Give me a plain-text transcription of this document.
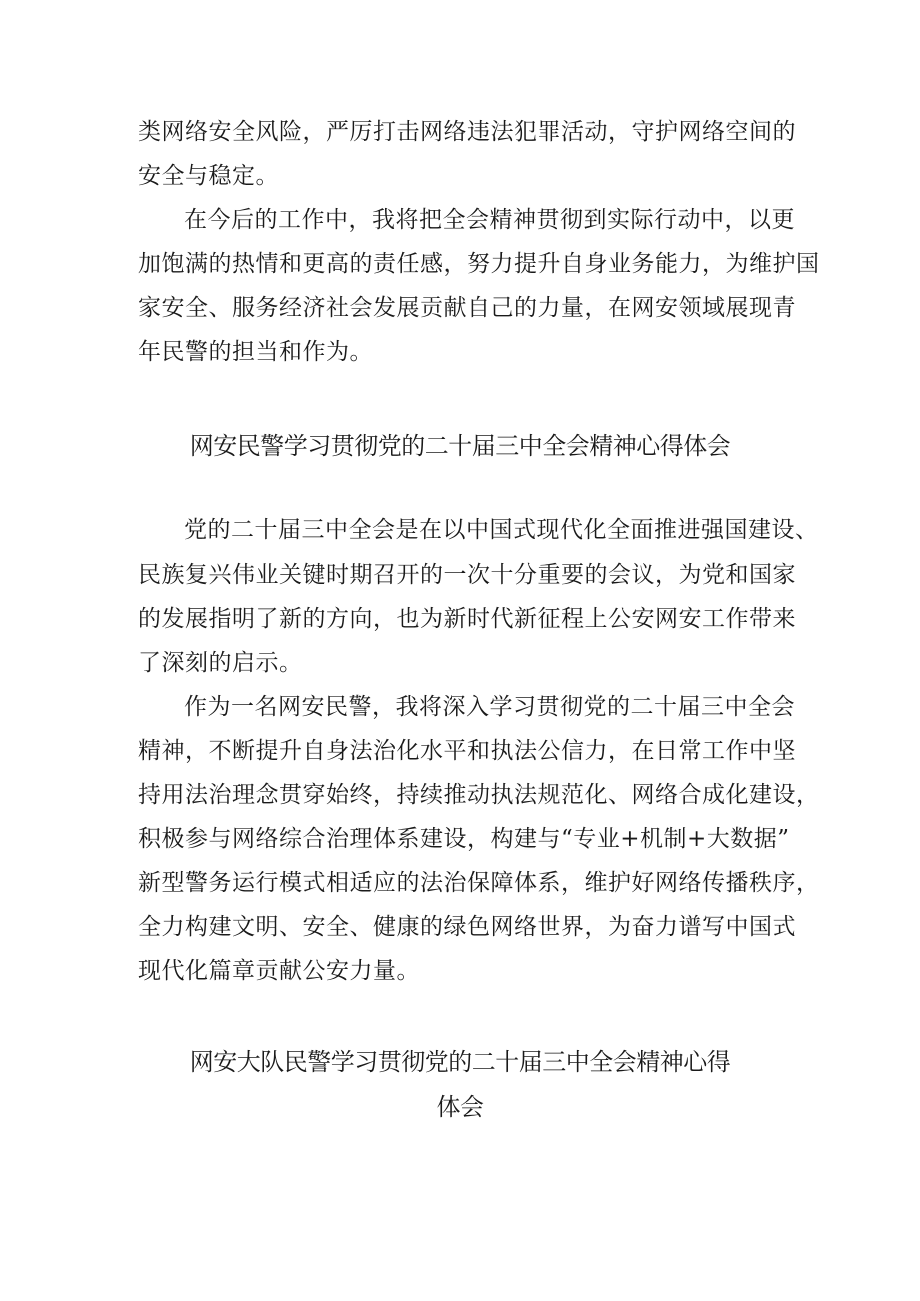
类网络安全风险，严厉打击网络违法犯罪活动，守护网络空间的
安全与稳定。
在今后的工作中，我将把全会精神贯彻到实际行动中，以更
加饱满的热情和更高的责任感，努力提升自身业务能力，为维护国
家安全、服务经济社会发展贡献自己的力量，在网安领域展现青
年民警的担当和作为。
网安民警学习贯彻党的二十届三中全会精神心得体会
党的二十届三中全会是在以中国式现代化全面推进强国建设、
民族复兴伟业关键时期召开的一次十分重要的会议，为党和国家
的发展指明了新的方向，也为新时代新征程上公安网安工作带来
了深刻的启示。
作为一名网安民警，我将深入学习贯彻党的二十届三中全会
精神，不断提升自身法治化水平和执法公信力，在日常工作中坚
持用法治理念贯穿始终，持续推动执法规范化、网络合成化建设，
积极参与网络综合治理体系建设，构建与“专业+机制+大数据”
新型警务运行模式相适应的法治保障体系，维护好网络传播秩序，
全力构建文明、安全、健康的绿色网络世界，为奋力谱写中国式
现代化篇章贡献公安力量。
网安大队民警学习贯彻党的二十届三中全会精神心得
体会
